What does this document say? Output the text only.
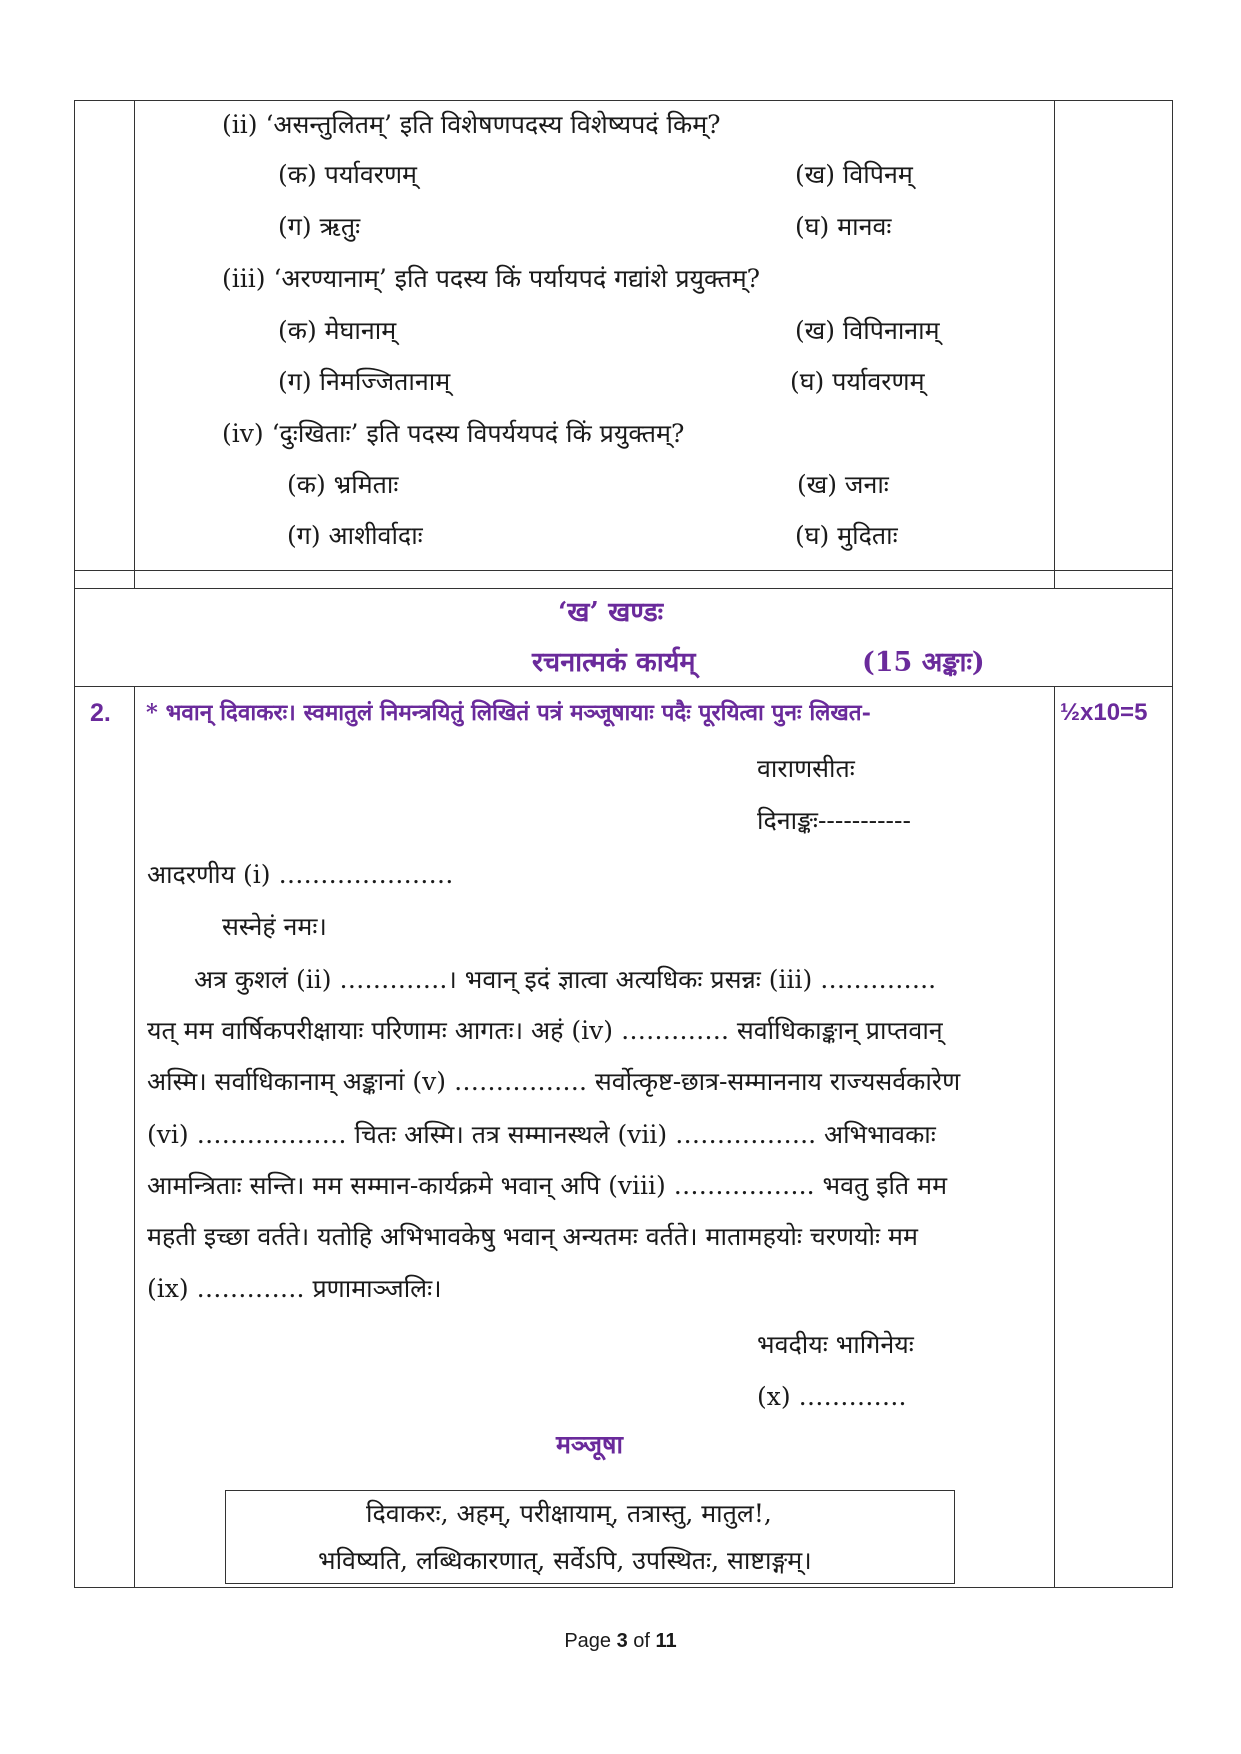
(ii) ‘असन्तुलितम्’ इति विशेषणपदस्य विशेष्यपदं किम्?
(क) पर्यावरणम्	(ख) विपिनम्
(ग) ऋतुः	(घ) मानवः
(iii) ‘अरण्यानाम्’ इति पदस्य किं पर्यायपदं गद्यांशे प्रयुक्तम्?
(क) मेघानाम्	(ख) विपिनानाम्
(ग) निमज्जितानाम्	(घ) पर्यावरणम्
(iv) ‘दुःखिताः’ इति पदस्य विपर्ययपदं किं प्रयुक्तम्?
(क) भ्रमिताः	(ख) जनाः
(ग) आशीर्वादाः	(घ) मुदिताः
‘ख’ खण्डः
रचनात्मकं कार्यम्	(15 अङ्काः)
2. * भवान् दिवाकरः। स्वमातुलं निमन्त्रयितुं लिखितं पत्रं मञ्जूषायाः पदैः पूरयित्वा पुनः लिखत-	½x10=5
वाराणसीतः
दिनाङ्कः-----------
आदरणीय (i) …………………
सस्नेहं नमः।
अत्र कुशलं (ii) ………….। भवान् इदं ज्ञात्वा अत्यधिकः प्रसन्नः (iii) …………..
यत् मम वार्षिकपरीक्षायाः परिणामः आगतः। अहं (iv) …………. सर्वाधिकाङ्कान् प्राप्तवान्
अस्मि। सर्वाधिकानाम् अङ्कानां (v) ……………. सर्वोत्कृष्ट-छात्र-सम्माननाय राज्यसर्वकारेण
(vi) ……………… चितः अस्मि। तत्र सम्मानस्थले (vii) …………….. अभिभावकाः
आमन्त्रिताः सन्ति। मम सम्मान-कार्यक्रमे भवान् अपि (viii) …………….. भवतु इति मम
महती इच्छा वर्तते। यतोहि अभिभावकेषु भवान् अन्यतमः वर्तते। मातामहयोः चरणयोः मम
(ix) …………. प्रणामाञ्जलिः।
भवदीयः भागिनेयः
(x) ………….
मञ्जूषा
दिवाकरः, अहम्, परीक्षायाम्, तत्रास्तु, मातुल!,
भविष्यति, लब्धिकारणात्, सर्वेऽपि, उपस्थितः, साष्टाङ्गम्।
Page 3 of 11
